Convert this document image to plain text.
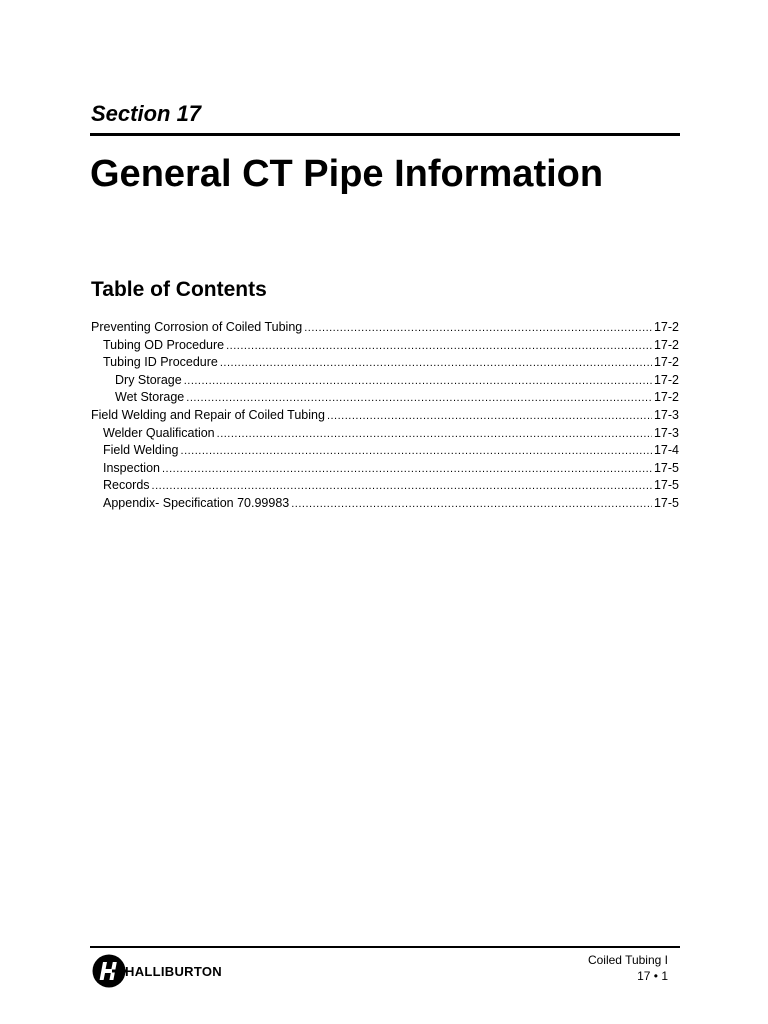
Section 17
General CT Pipe Information
Table of Contents
Preventing Corrosion of Coiled Tubing .....	17-2
Tubing OD Procedure .....	17-2
Tubing ID Procedure .....	17-2
Dry Storage .....	17-2
Wet Storage .....	17-2
Field Welding and Repair of Coiled Tubing .....	17-3
Welder Qualification .....	17-3
Field Welding .....	17-4
Inspection .....	17-5
Records .....	17-5
Appendix- Specification 70.99983 .....	17-5
HALLIBURTON
Coiled Tubing I
17 • 1
